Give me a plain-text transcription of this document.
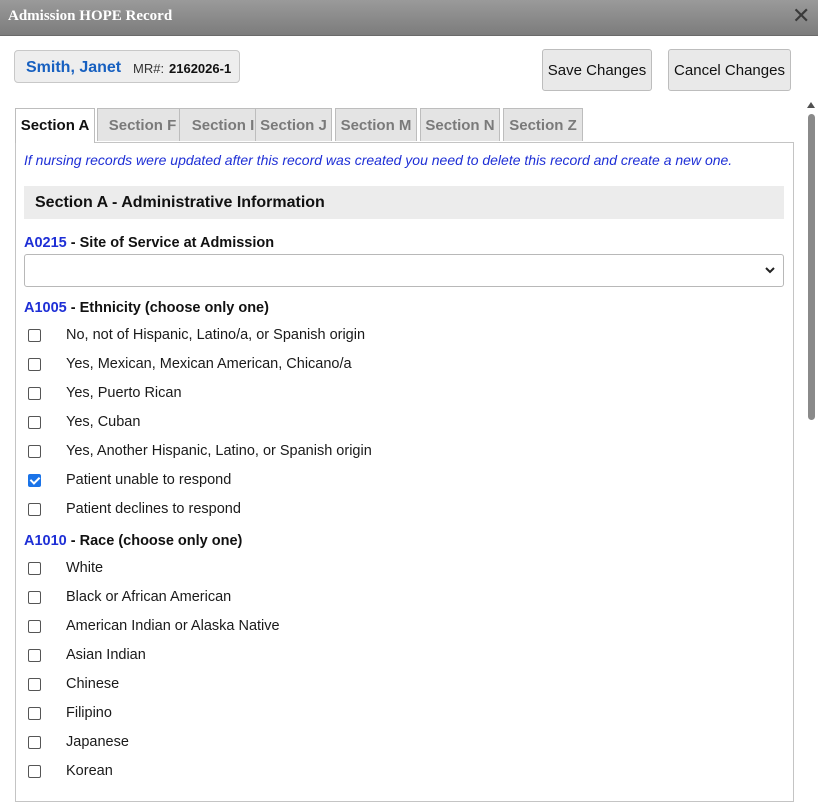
Admission HOPE Record	✕
Smith, Janet MR#: 2162026-1	Save Changes	Cancel Changes
Section A	Section F	Section I Section J Section M Section N Section Z
If nursing records were updated after this record was created you need to delete this record and create a new one.
Section A - Administrative Information
A0215 - Site of Service at Admission
A1005 - Ethnicity (choose only one)
No, not of Hispanic, Latino/a, or Spanish origin
Yes, Mexican, Mexican American, Chicano/a
Yes, Puerto Rican
Yes, Cuban
Yes, Another Hispanic, Latino, or Spanish origin
Patient unable to respond
Patient declines to respond
A1010 - Race (choose only one)
White
Black or African American
American Indian or Alaska Native
Asian Indian
Chinese
Filipino
Japanese
Korean
